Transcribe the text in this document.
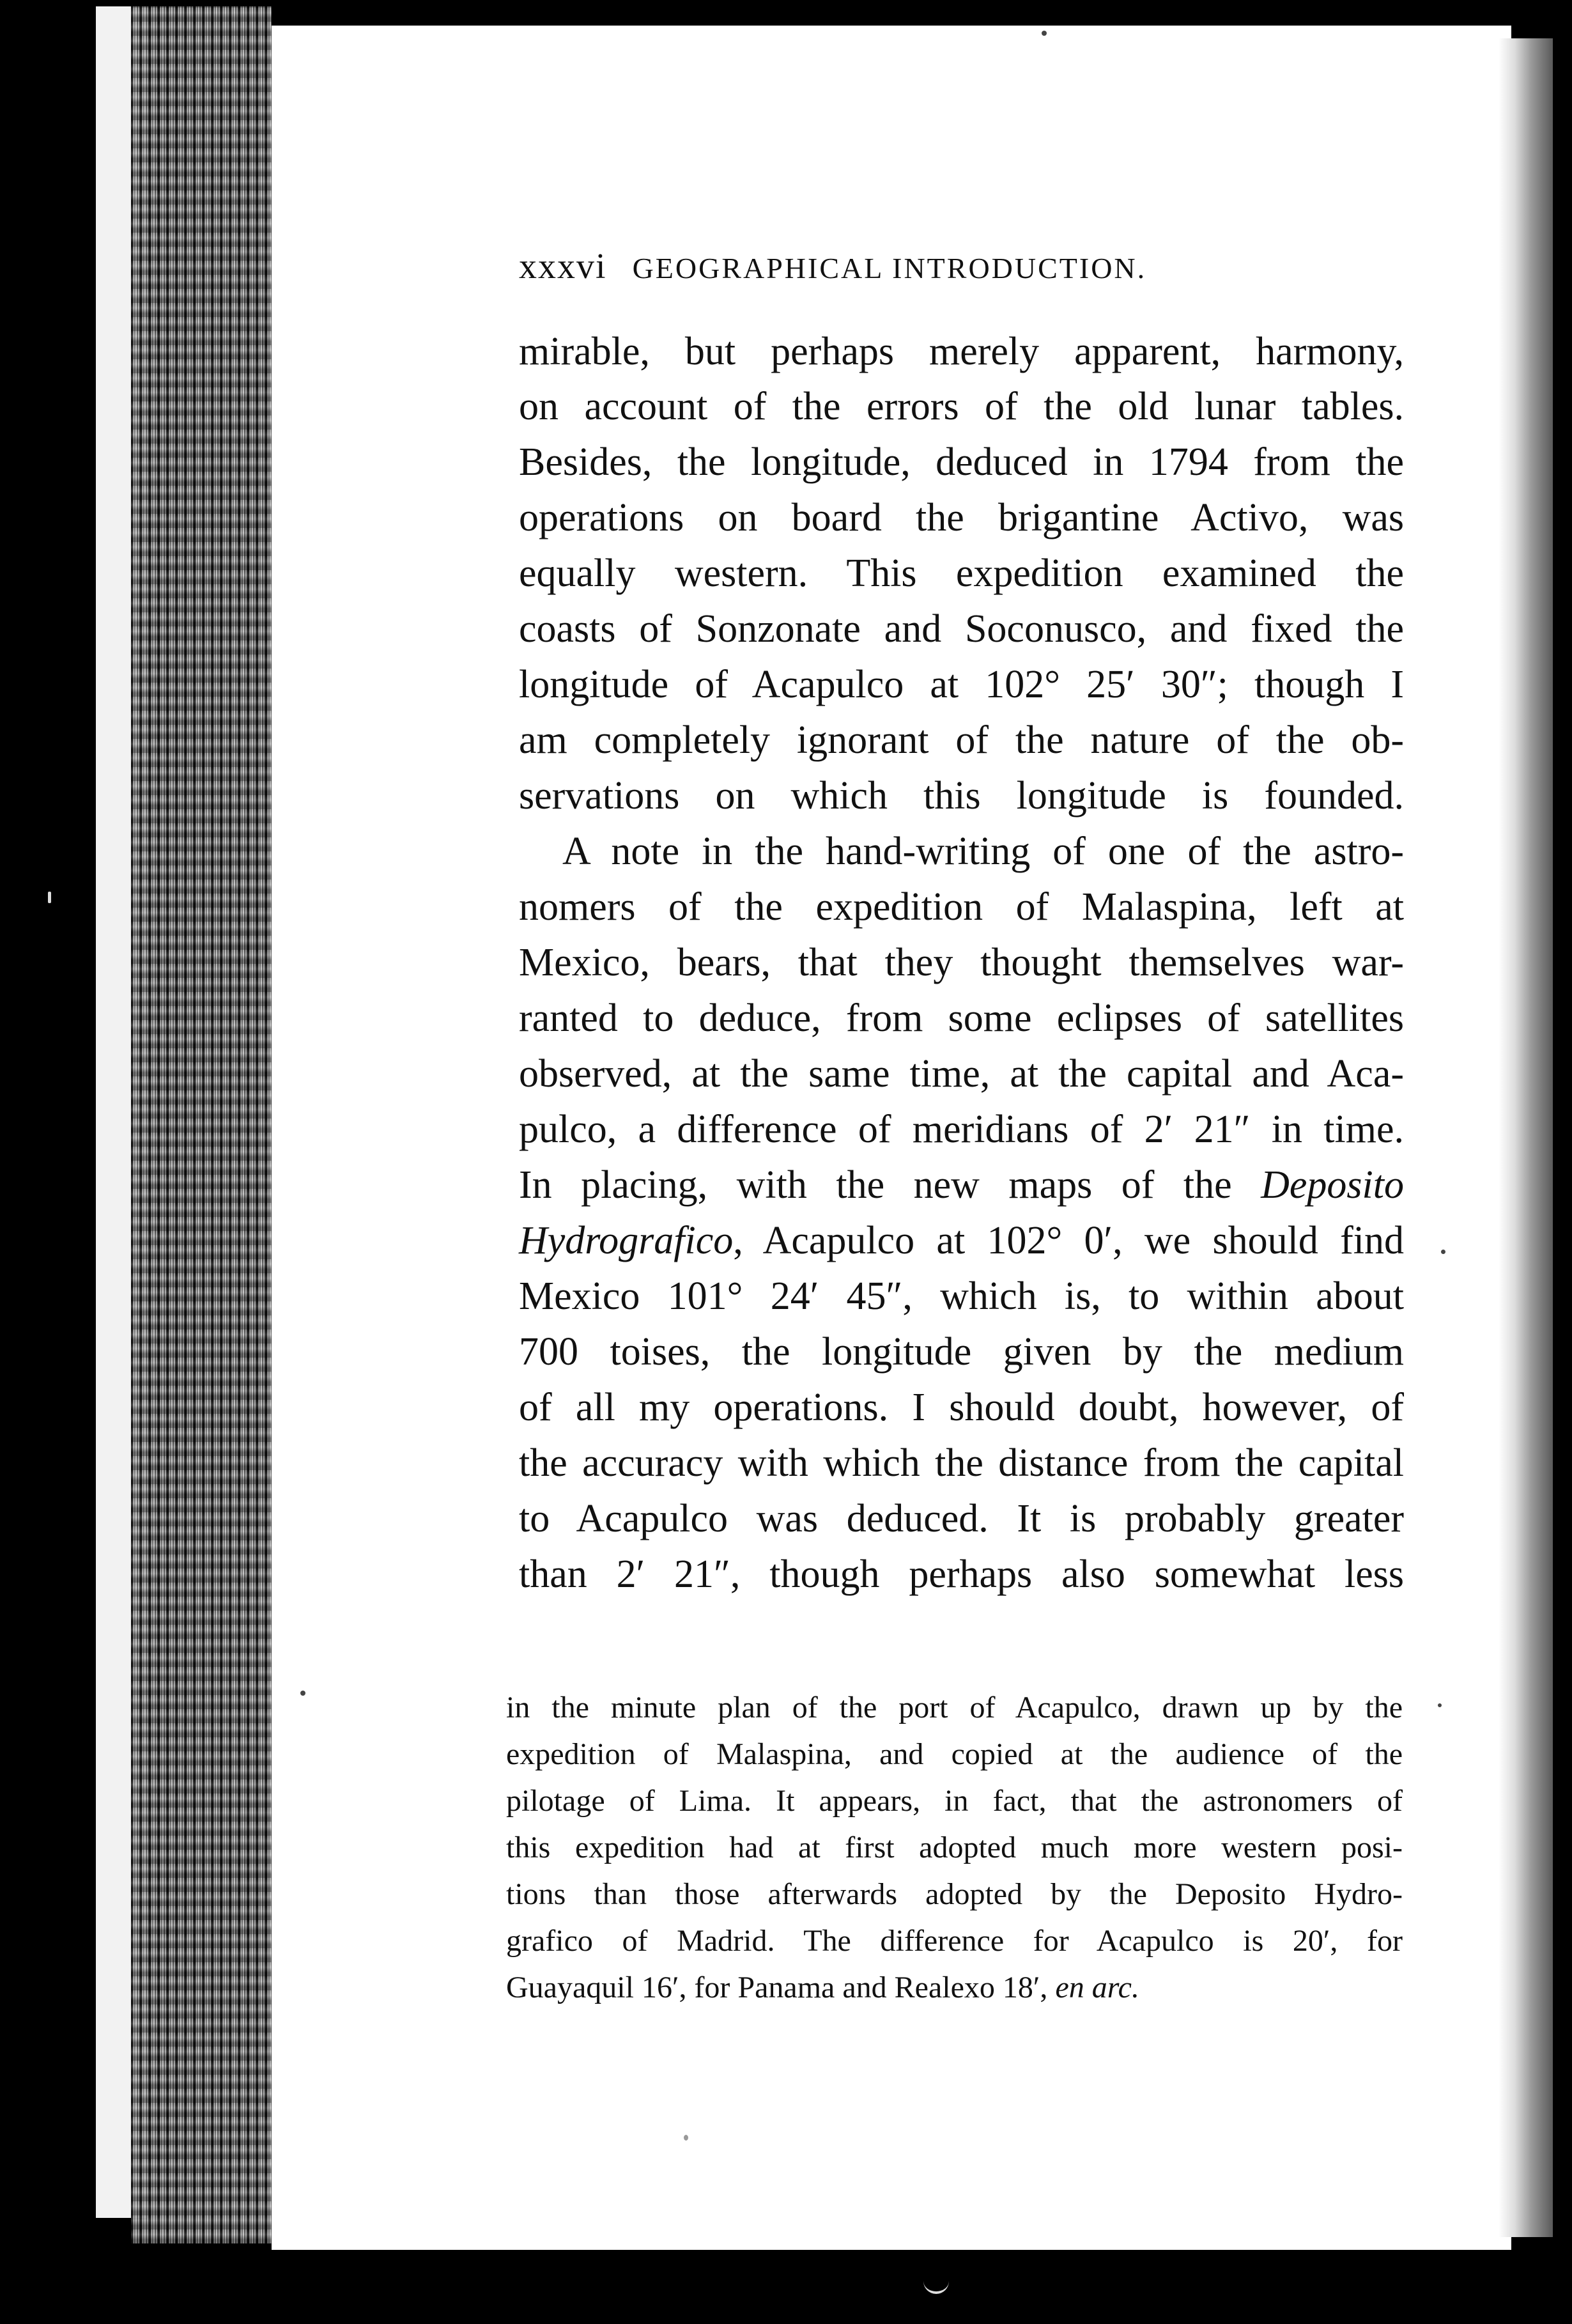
xxxvi GEOGRAPHICAL INTRODUCTION.
mirable, but perhaps merely apparent, harmony,
on account of the errors of the old lunar tables.
Besides, the longitude, deduced in 1794 from the
operations on board the brigantine Activo, was
equally western. This expedition examined the
coasts of Sonzonate and Soconusco, and fixed the
longitude of Acapulco at 102° 25′ 30″; though I
am completely ignorant of the nature of the ob-
servations on which this longitude is founded.
A note in the hand-writing of one of the astro-
nomers of the expedition of Malaspina, left at
Mexico, bears, that they thought themselves war-
ranted to deduce, from some eclipses of satellites
observed, at the same time, at the capital and Aca-
pulco, a difference of meridians of 2′ 21″ in time.
In placing, with the new maps of the Deposito
Hydrografico, Acapulco at 102° 0′, we should find
Mexico 101° 24′ 45″, which is, to within about
700 toises, the longitude given by the medium
of all my operations. I should doubt, however, of
the accuracy with which the distance from the capital
to Acapulco was deduced. It is probably greater
than 2′ 21″, though perhaps also somewhat less
in the minute plan of the port of Acapulco, drawn up by the
expedition of Malaspina, and copied at the audience of the
pilotage of Lima. It appears, in fact, that the astronomers of
this expedition had at first adopted much more western posi-
tions than those afterwards adopted by the Deposito Hydro-
grafico of Madrid. The difference for Acapulco is 20′, for
Guayaquil 16′, for Panama and Realexo 18′, en arc.
